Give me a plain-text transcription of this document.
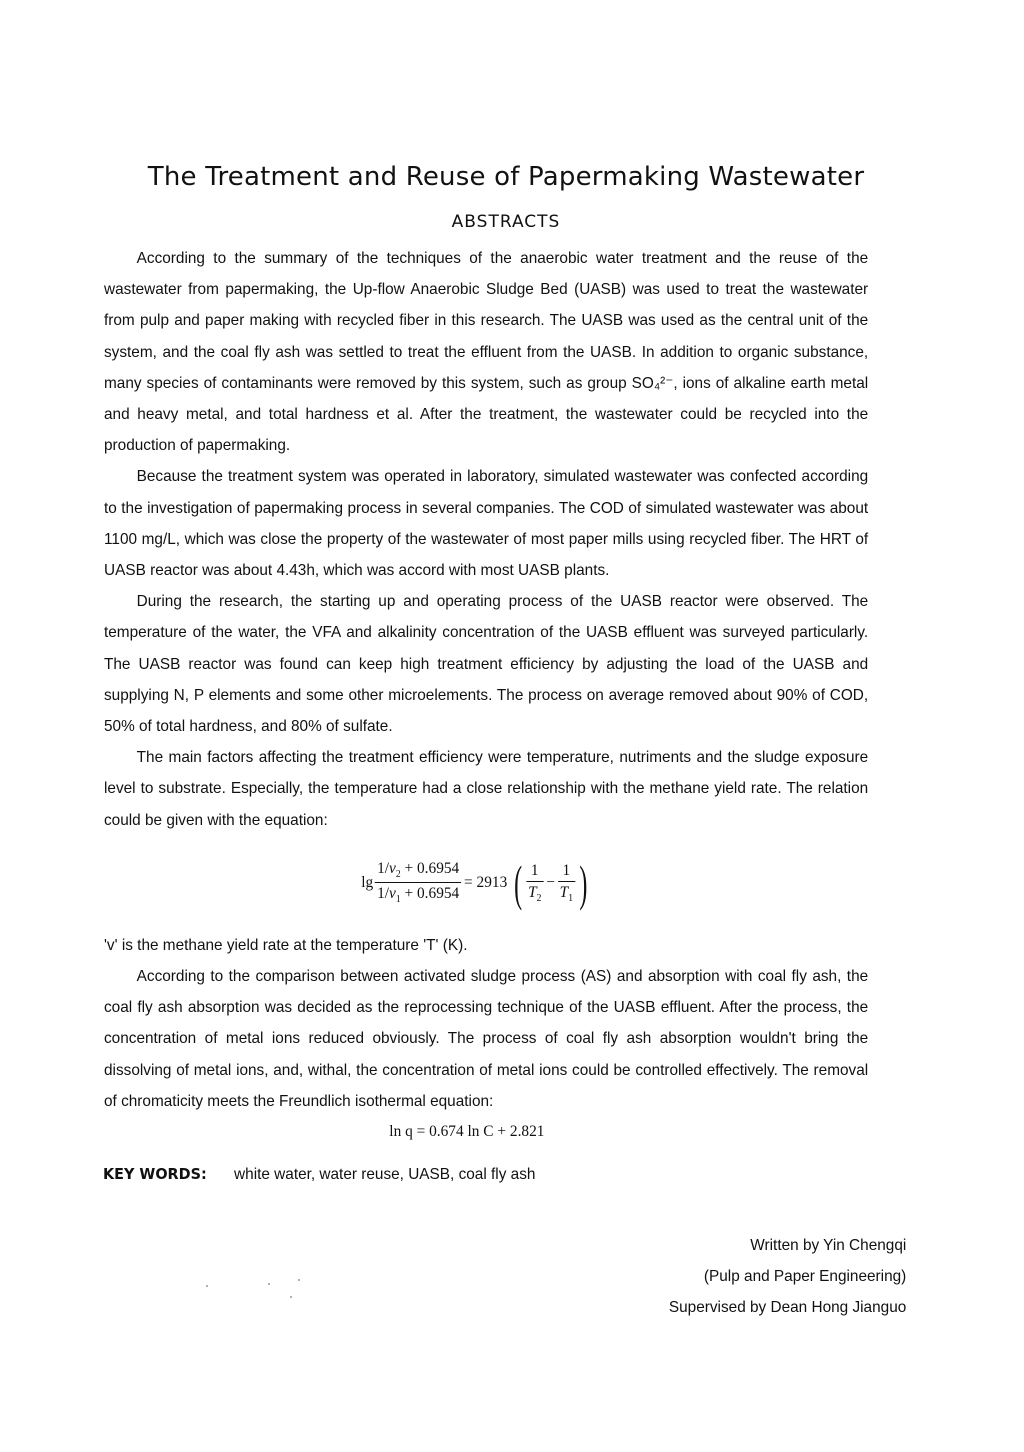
The Treatment and Reuse of Papermaking Wastewater
ABSTRACTS

According to the summary of the techniques of the anaerobic water treatment and the reuse of the wastewater from papermaking, the Up-flow Anaerobic Sludge Bed (UASB) was used to treat the wastewater from pulp and paper making with recycled fiber in this research. The UASB was used as the central unit of the system, and the coal fly ash was settled to treat the effluent from the UASB. In addition to organic substance, many species of contaminants were removed by this system, such as group SO₄²⁻, ions of alkaline earth metal and heavy metal, and total hardness et al. After the treatment, the wastewater could be recycled into the production of papermaking.

Because the treatment system was operated in laboratory, simulated wastewater was confected according to the investigation of papermaking process in several companies. The COD of simulated wastewater was about 1100 mg/L, which was close the property of the wastewater of most paper mills using recycled fiber. The HRT of UASB reactor was about 4.43h, which was accord with most UASB plants.

During the research, the starting up and operating process of the UASB reactor were observed. The temperature of the water, the VFA and alkalinity concentration of the UASB effluent was surveyed particularly. The UASB reactor was found can keep high treatment efficiency by adjusting the load of the UASB and supplying N, P elements and some other microelements. The process on average removed about 90% of COD, 50% of total hardness, and 80% of sulfate.

The main factors affecting the treatment efficiency were temperature, nutriments and the sludge exposure level to substrate. Especially, the temperature had a close relationship with the methane yield rate. The relation could be given with the equation:

$\lg \frac{1/v_2 + 0.6954}{1/v_1 + 0.6954} = 2913$ ( $\frac{1}{T_2} - \frac{1}{T_1}$ )

'v' is the methane yield rate at the temperature 'T' (K).

According to the comparison between activated sludge process (AS) and absorption with coal fly ash, the coal fly ash absorption was decided as the reprocessing technique of the UASB effluent. After the process, the concentration of metal ions reduced obviously. The process of coal fly ash absorption wouldn't bring the dissolving of metal ions, and, withal, the concentration of metal ions could be controlled effectively. The removal of chromaticity meets the Freundlich isothermal equation:

ln q = 0.674 ln C + 2.821
KEY WORDS: white water, water reuse, UASB, coal fly ash
Written by Yin Chengqi
(Pulp and Paper Engineering)
Supervised by Dean Hong Jianguo
